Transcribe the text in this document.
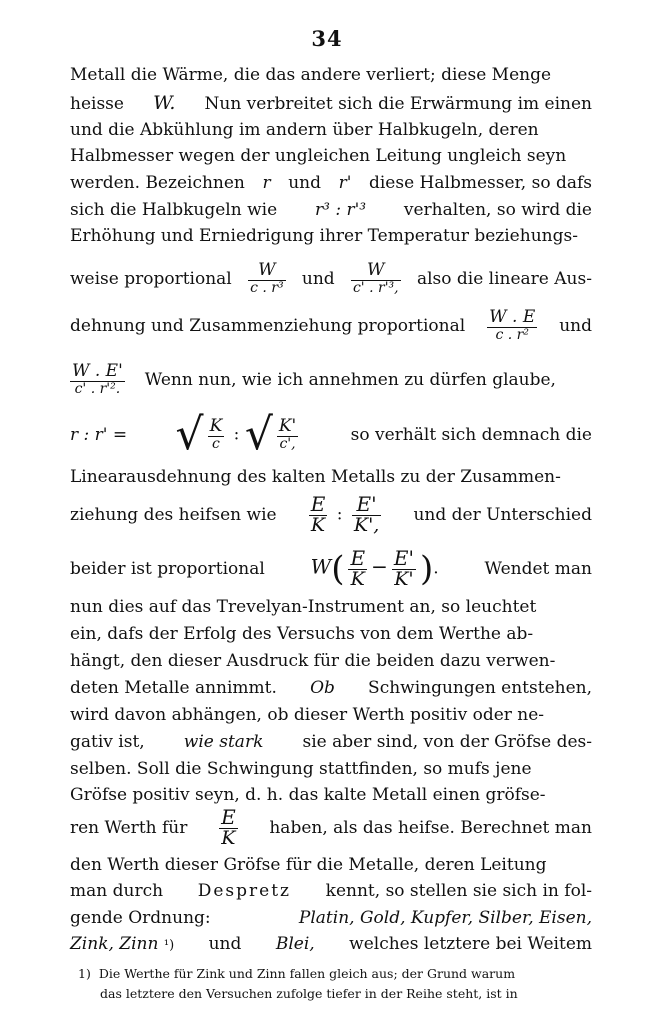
34
Metall die Wärme, die das andere verliert; diese Menge
heisse W. Nun verbreitet sich die Erwärmung im einen
und die Abkühlung im andern über Halbkugeln, deren
Halbmesser wegen der ungleichen Leitung ungleich seyn
werden. Bezeichnen r und r' diese Halbmesser, so dafs
sich die Halbkugeln wie r³ : r'³ verhalten, so wird die
Erhöhung und Erniedrigung ihrer Temperatur beziehungs-
weise proportional $\frac{W}{\text{c . r³}}$ und $\frac{W}{\text{c' . r'³,}}$ also die lineare Aus-
dehnung und Zusammenziehung proportional $\frac{W . E}{\text{c . r²}}$ und
$\frac{W . E'}{\text{c' . r'².}}$ Wenn nun, wie ich annehmen zu dürfen glaube,
r : r' = √ $\frac{K}{c}$ : √ $\frac{K'}{c',}$	so verhält sich demnach die
Linearausdehnung des kalten Metalls zu der Zusammen-
ziehung des heifsen wie $\frac{E}{K}$ : $\frac{E'}{K',}$ und der Unterschied
beider ist proportional $W( \frac{E}{K} - \frac{E'}{K'}$ ).	Wendet man
nun dies auf das Trevelyan-Instrument an, so leuchtet
ein, dafs der Erfolg des Versuchs von dem Werthe ab-
hängt, den dieser Ausdruck für die beiden dazu verwen-
deten Metalle annimmt. Ob Schwingungen entstehen,
wird davon abhängen, ob dieser Werth positiv oder ne-
gativ ist, wie stark sie aber sind, von der Gröfse des-
selben. Soll die Schwingung stattfinden, so mufs jene
Gröfse positiv seyn, d. h. das kalte Metall einen gröfse-
ren Werth für $\frac{E}{K}$ haben, als das heifse. Berechnet man
den Werth dieser Gröfse für die Metalle, deren Leitung
man durch Despretz kennt, so stellen sie sich in fol-
gende Ordnung:	Platin, Gold, Kupfer, Silber, Eisen,
Zink, Zinn ¹) und Blei, welches letztere bei Weitem
1) Die Werthe für Zink und Zinn fallen gleich aus; der Grund warum
das letztere den Versuchen zufolge tiefer in der Reihe steht, ist in
